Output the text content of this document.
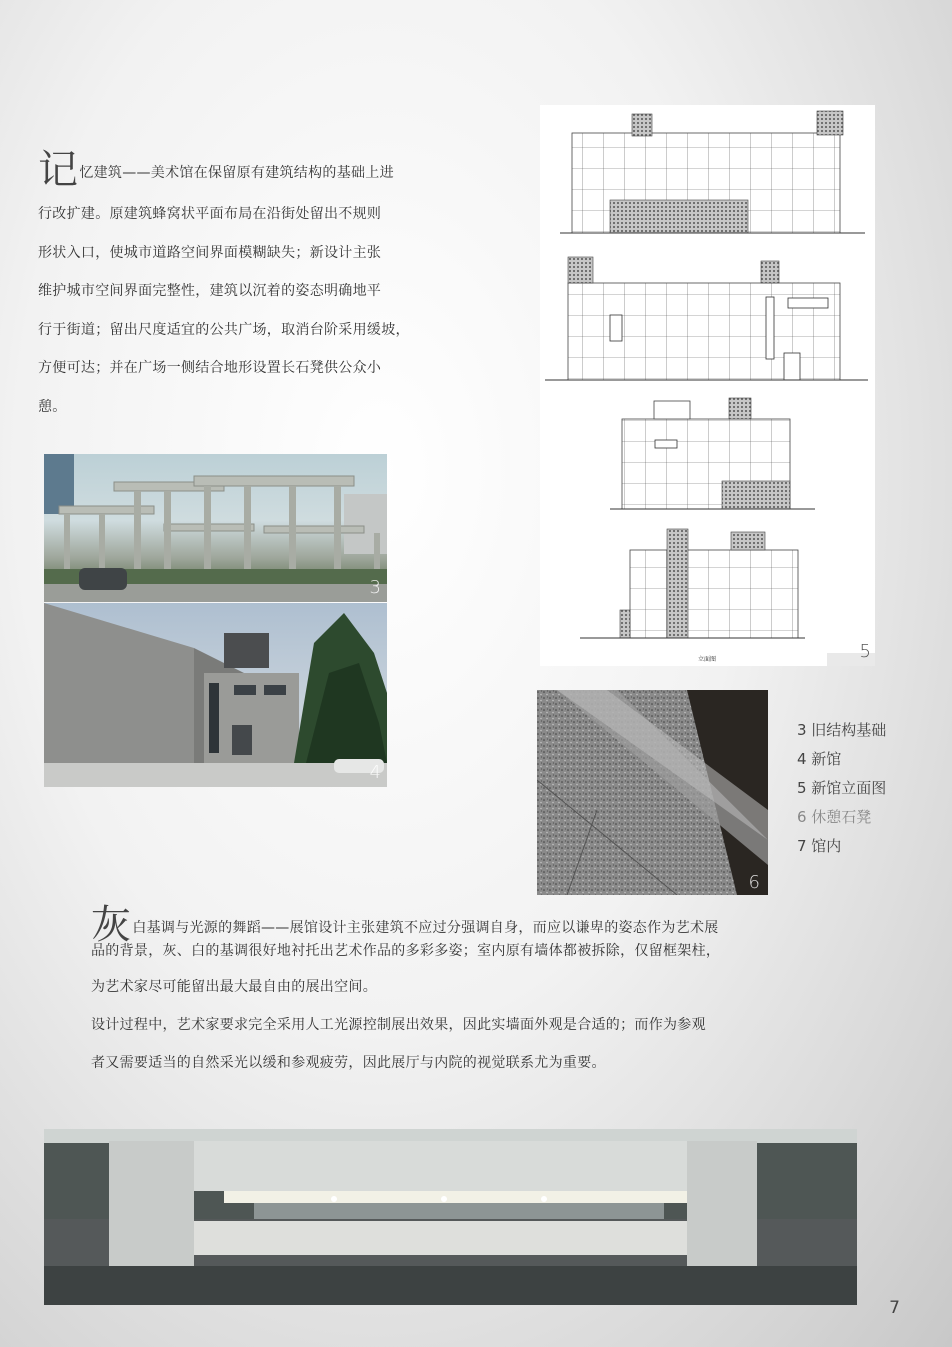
记忆建筑——美术馆在保留原有建筑结构的基础上进
行改扩建。原建筑蜂窝状平面布局在沿街处留出不规则
形状入口，使城市道路空间界面模糊缺失；新设计主张
维护城市空间界面完整性，建筑以沉着的姿态明确地平
行于街道；留出尺度适宜的公共广场，取消台阶采用缓坡，
方便可达；并在广场一侧结合地形设置长石凳供公众小
憩。
3
4
立面图	5
6
3 旧结构基础
4 新馆
5 新馆立面图
6 休憩石凳
7 馆内
灰白基调与光源的舞蹈——展馆设计主张建筑不应过分强调自身，而应以谦卑的姿态作为艺术展
品的背景，灰、白的基调很好地衬托出艺术作品的多彩多姿；室内原有墙体都被拆除，仅留框架柱，
为艺术家尽可能留出最大最自由的展出空间。
设计过程中，艺术家要求完全采用人工光源控制展出效果，因此实墙面外观是合适的；而作为参观
者又需要适当的自然采光以缓和参观疲劳，因此展厅与内院的视觉联系尤为重要。
7
